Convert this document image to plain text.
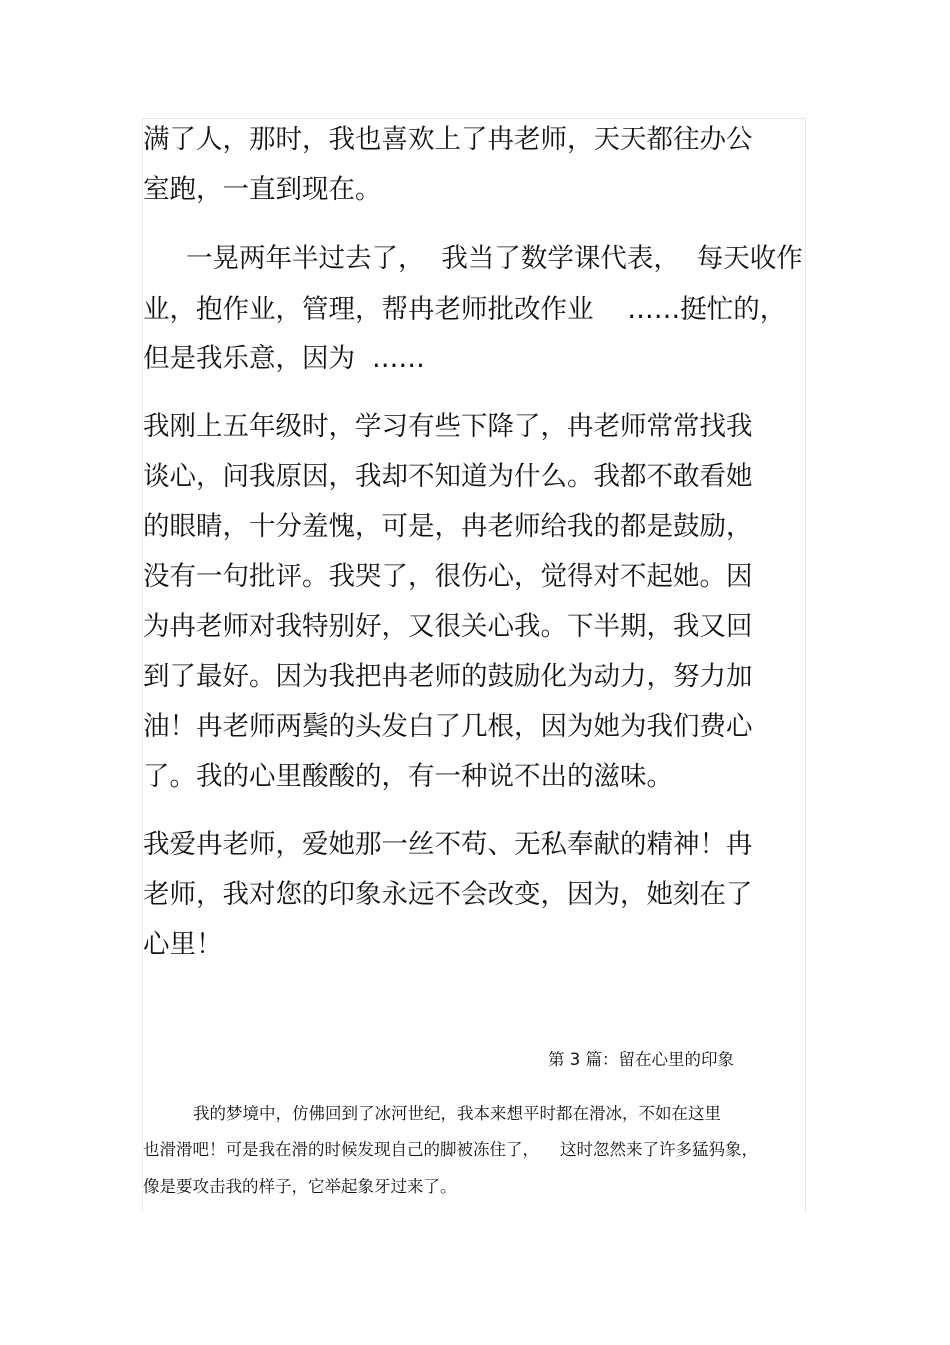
满了人，那时，我也喜欢上了冉老师，天天都往办公
室跑，一直到现在。
一晃两年半过去了，  我当了数学课代表，  每天收作
业，抱作业，管理，帮冉老师批改作业    ……挺忙的，
但是我乐意，因为  ……
我刚上五年级时，学习有些下降了，冉老师常常找我
谈心，问我原因，我却不知道为什么。我都不敢看她
的眼睛，十分羞愧，可是，冉老师给我的都是鼓励，
没有一句批评。我哭了，很伤心，觉得对不起她。因
为冉老师对我特别好，又很关心我。下半期，我又回
到了最好。因为我把冉老师的鼓励化为动力，努力加
油！冉老师两鬓的头发白了几根，因为她为我们费心
了。我的心里酸酸的，有一种说不出的滋味。
我爱冉老师，爱她那一丝不苟、无私奉献的精神！冉
老师，我对您的印象永远不会改变，因为，她刻在了
心里！
第 3 篇：留在心里的印象
我的梦境中，仿佛回到了冰河世纪，我本来想平时都在滑冰，不如在这里
也滑滑吧！可是我在滑的时候发现自己的脚被冻住了，    这时忽然来了许多猛犸象，
像是要攻击我的样子，它举起象牙过来了。
